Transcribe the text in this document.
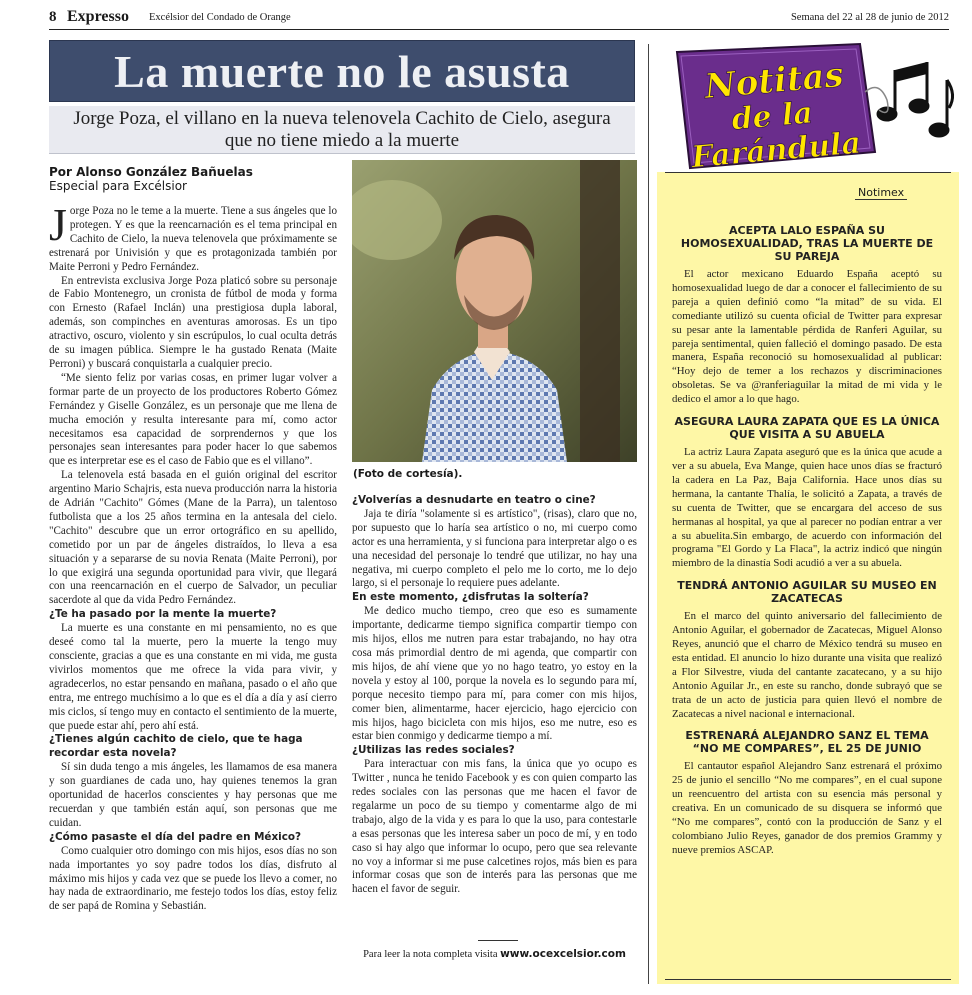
8 Expresso Excélsior del Condado de Orange	Semana del 22 al 28 de junio de 2012
La muerte no le asusta
Jorge Poza, el villano en la nueva telenovela Cachito de Cielo, asegura
que no tiene miedo a la muerte
Por Alonso González Bañuelas
Especial para Excélsior

Jorge Poza no le teme a la muerte. Tiene a sus ángeles que lo protegen. Y es que la reencarnación es el tema principal en Cachito de Cielo, la nueva telenovela que próximamente se estrenará por Univisión y que es protagonizada también por Maite Perroni y Pedro Fernández.

En entrevista exclusiva Jorge Poza platicó sobre su personaje de Fabio Montenegro, un cronista de fútbol de moda y forma con Ernesto (Rafael Inclán) una prestigiosa dupla laboral, además, son compinches en aventuras amorosas. Es un tipo atractivo, oscuro, violento y sin escrúpulos, lo cual oculta detrás de su imagen pública. Siempre le ha gustado Renata (Maite Perroni) y buscará conquistarla a cualquier precio.

“Me siento feliz por varias cosas, en primer lugar volver a formar parte de un proyecto de los productores Roberto Gómez Fernández y Giselle González, es un personaje que me llena de mucha emoción y resulta interesante para mí, como actor necesitamos esa capacidad de sorprendernos y que los personajes sean interesantes para poder hacer lo que sabemos que es interpretar ese es el caso de Fabio que es el villano”.

La telenovela está basada en el guión original del escritor argentino Mario Schajris, esta nueva producción narra la historia de Adrián "Cachito" Gómes (Mane de la Parra), un talentoso futbolista que a los 25 años termina en la antesala del cielo. "Cachito" descubre que un error ortográfico en su apellido, cometido por un par de ángeles distraídos, lo lleva a esa situación y a separarse de su novia Renata (Maite Perroni), por lo que exigirá una segunda oportunidad para vivir, que llegará con una reencarnación en el cuerpo de Salvador, un peculiar sacerdote al que da vida Pedro Fernández.

¿Te ha pasado por la mente la muerte?

La muerte es una constante en mi pensamiento, no es que deseé como tal la muerte, pero la muerte la tengo muy consciente, gracias a que es una constante en mi vida, me gusta vivirlos momentos que me ofrece la vida para vivir, y agradecerlos, no estar pensando en mañana, pasado o el año que entra, me entrego muchísimo a lo que es el día a día y así cierro mis ciclos, sí tengo muy en contacto el sentimiento de la muerte, que puede estar ahí, pero ahí está.

¿Tienes algún cachito de cielo, que te haga recordar esta novela?

Sí sin duda tengo a mis ángeles, les llamamos de esa manera y son guardianes de cada uno, hay quienes tenemos la gran oportunidad de hacerlos conscientes y hay personas que me recuerdan y que también están aquí, son personas que me cuidan.

¿Cómo pasaste el día del padre en México?

Como cualquier otro domingo con mis hijos, esos días no son nada importantes yo soy padre todos los días, disfruto al máximo mis hijos y cada vez que se puede los llevo a comer, no hay nada de extraordinario, me festejo todos los días, estoy feliz de ser papá de Romina y Sebastián.

(Foto de cortesía).
¿Volverías a desnudarte en teatro o cine?

Jaja te diría "solamente si es artístico", (risas), claro que no, por supuesto que lo haría sea artístico o no, mi cuerpo como actor es una herramienta, y si funciona para interpretar algo o es una necesidad del personaje lo tendré que utilizar, no hay una negativa, mi cuerpo completo el pelo me lo corto, me lo dejo largo, si el personaje lo requiere pues adelante.

En este momento, ¿disfrutas la soltería?

Me dedico mucho tiempo, creo que eso es sumamente importante, dedicarme tiempo significa compartir tiempo con mis hijos, ellos me nutren para estar trabajando, no hay otra cosa más primordial dentro de mi agenda, que compartir con mis hijos, de ahí viene que yo no hago teatro, yo estoy en la novela y estoy al 100, porque la novela es lo segundo para mí, porque necesito tiempo para mí, para comer con mis hijos, comer bien, alimentarme, hacer ejercicio, hago ejercicio con mis hijos, hago bicicleta con mis hijos, eso me nutre, eso es estar bien conmigo y dedicarme tiempo a mí.

¿Utilizas las redes sociales?

Para interactuar con mis fans, la única que yo ocupo es Twitter , nunca he tenido Facebook y es con quien comparto las redes sociales con las personas que me hacen el favor de regalarme un poco de su tiempo y comentarme algo de mi trabajo, algo de la vida y es para lo que la uso, para contestarle a esas personas que les interesa saber un poco de mí, y en todo caso si hay algo que informar lo ocupo, pero que sea relevante no voy a informar si me puse calcetines rojos, más bien es para informar cosas que son de interés para las personas que me hacen el favor de seguir.

Para leer la nota completa visita www.ocexcelsior.com
Notimex
ACEPTA LALO ESPAÑA SU HOMOSEXUALIDAD, TRAS LA MUERTE DE SU PAREJA

El actor mexicano Eduardo España aceptó su homosexualidad luego de dar a conocer el fallecimiento de su pareja a quien definió como “la mitad” de su vida. El comediante utilizó su cuenta oficial de Twitter para expresar su pesar ante la lamentable pérdida de Ranferi Aguilar, su pareja sentimental, quien falleció el domingo pasado. De esta manera, España reconoció su homosexualidad al publicar: “Hoy dejo de temer a los rechazos y discriminaciones obsoletas. Se va @ranferiaguilar la mitad de mi vida y le dedico el amor a lo que hago.

ASEGURA LAURA ZAPATA QUE ES LA ÚNICA QUE VISITA A SU ABUELA

La actriz Laura Zapata aseguró que es la única que acude a ver a su abuela, Eva Mange, quien hace unos días se fracturó la cadera en La Paz, Baja California. Hace unos días su hermana, la cantante Thalía, le solicitó a Zapata, a través de su cuenta de Twitter, que se encargara del acceso de sus hermanas al hospital, ya que al parecer no podían entrar a ver a su abuelita.Sin embargo, de acuerdo con información del programa "El Gordo y La Flaca", la actriz indicó que ningún miembro de la dinastía Sodi acudió a ver a su abuela.

TENDRÁ ANTONIO AGUILAR SU MUSEO EN ZACATECAS

En el marco del quinto aniversario del fallecimiento de Antonio Aguilar, el gobernador de Zacatecas, Miguel Alonso Reyes, anunció que el charro de México tendrá su museo en esta entidad. El anuncio lo hizo durante una visita que realizó a Flor Silvestre, viuda del cantante zacatecano, y a su hijo Antonio Aguilar Jr., en este su rancho, donde subrayó que se trata de un acto de justicia para quien llevó el nombre de Zacatecas a nivel nacional e internacional.

ESTRENARÁ ALEJANDRO SANZ EL TEMA “NO ME COMPARES”, EL 25 DE JUNIO

El cantautor español Alejandro Sanz estrenará el próximo 25 de junio el sencillo “No me compares”, en el cual supone un reencuentro del artista con su esencia más personal y creativa. En un comunicado de su disquera se informó que “No me compares”, contó con la producción de Sanz y el colombiano Julio Reyes, ganador de dos premios Grammy y nueve premios ASCAP.

Notitas
de la
Farándula
